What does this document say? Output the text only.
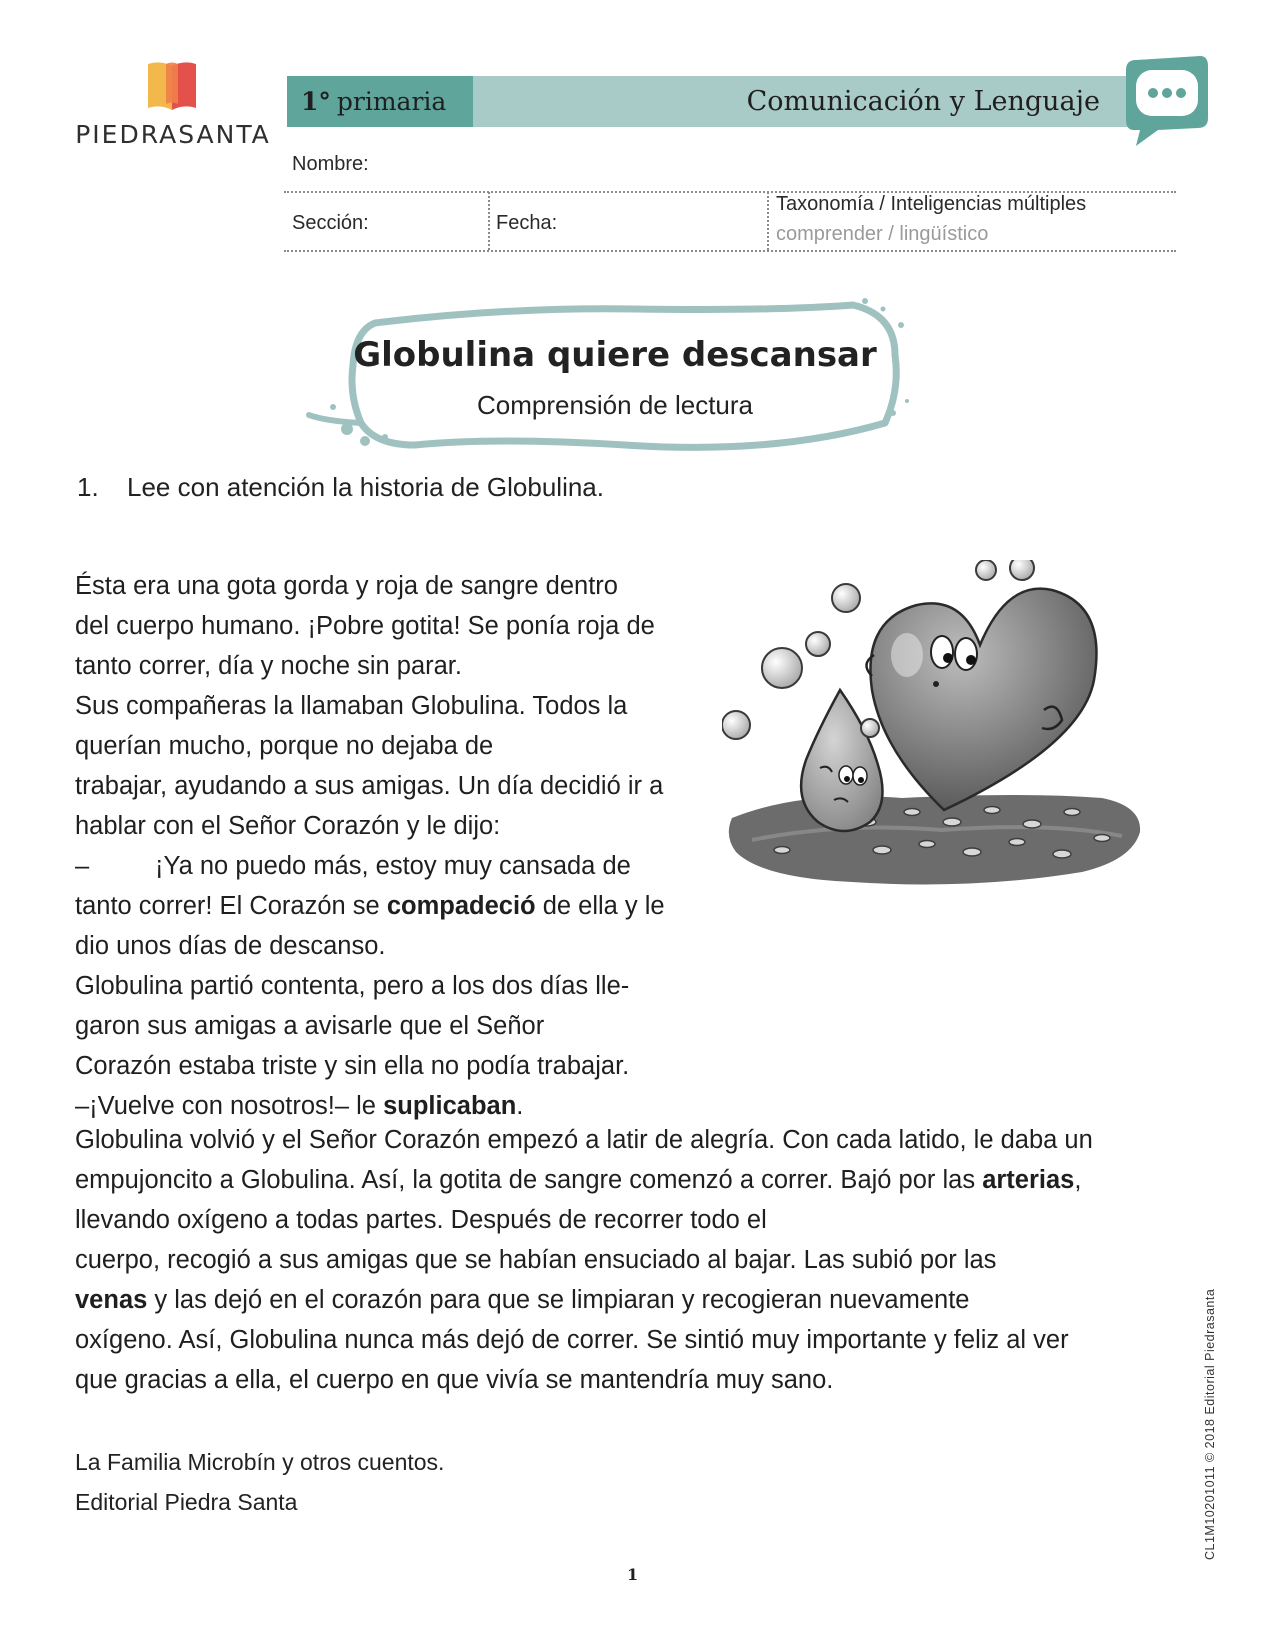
PIEDRASANTA
1° primaria	Comunicación y Lenguaje
Nombre:
Sección:	Fecha:
Taxonomía / Inteligencias múltiples
comprender / lingüístico
Globulina quiere descansar
Comprensión de lectura
1. Lee con atención la historia de Globulina.
Ésta era una gota gorda y roja de sangre dentro
del cuerpo humano. ¡Pobre gotita! Se ponía roja de
tanto correr, día y noche sin parar.
Sus compañeras la llamaban Globulina. Todos la
querían mucho, porque no dejaba de
trabajar, ayudando a sus amigas. Un día decidió ir a
hablar con el Señor Corazón y le dijo:
–	¡Ya no puedo más, estoy muy cansada de
tanto correr! El Corazón se compadeció de ella y le
dio unos días de descanso.
Globulina partió contenta, pero a los dos días lle-
garon sus amigas a avisarle que el Señor
Corazón estaba triste y sin ella no podía trabajar.
–¡Vuelve con nosotros!– le suplicaban.
Globulina volvió y el Señor Corazón empezó a latir de alegría. Con cada latido, le daba un
empujoncito a Globulina. Así, la gotita de sangre comenzó a correr. Bajó por las arterias,
llevando oxígeno a todas partes. Después de recorrer todo el
cuerpo, recogió a sus amigas que se habían ensuciado al bajar. Las subió por las
venas y las dejó en el corazón para que se limpiaran y recogieran nuevamente
oxígeno. Así, Globulina nunca más dejó de correr. Se sintió muy importante y feliz al ver
que gracias a ella, el cuerpo en que vivía se mantendría muy sano.
La Familia Microbín y otros cuentos.
Editorial Piedra Santa
1
CL1M10201011 © 2018 Editorial Piedrasanta
